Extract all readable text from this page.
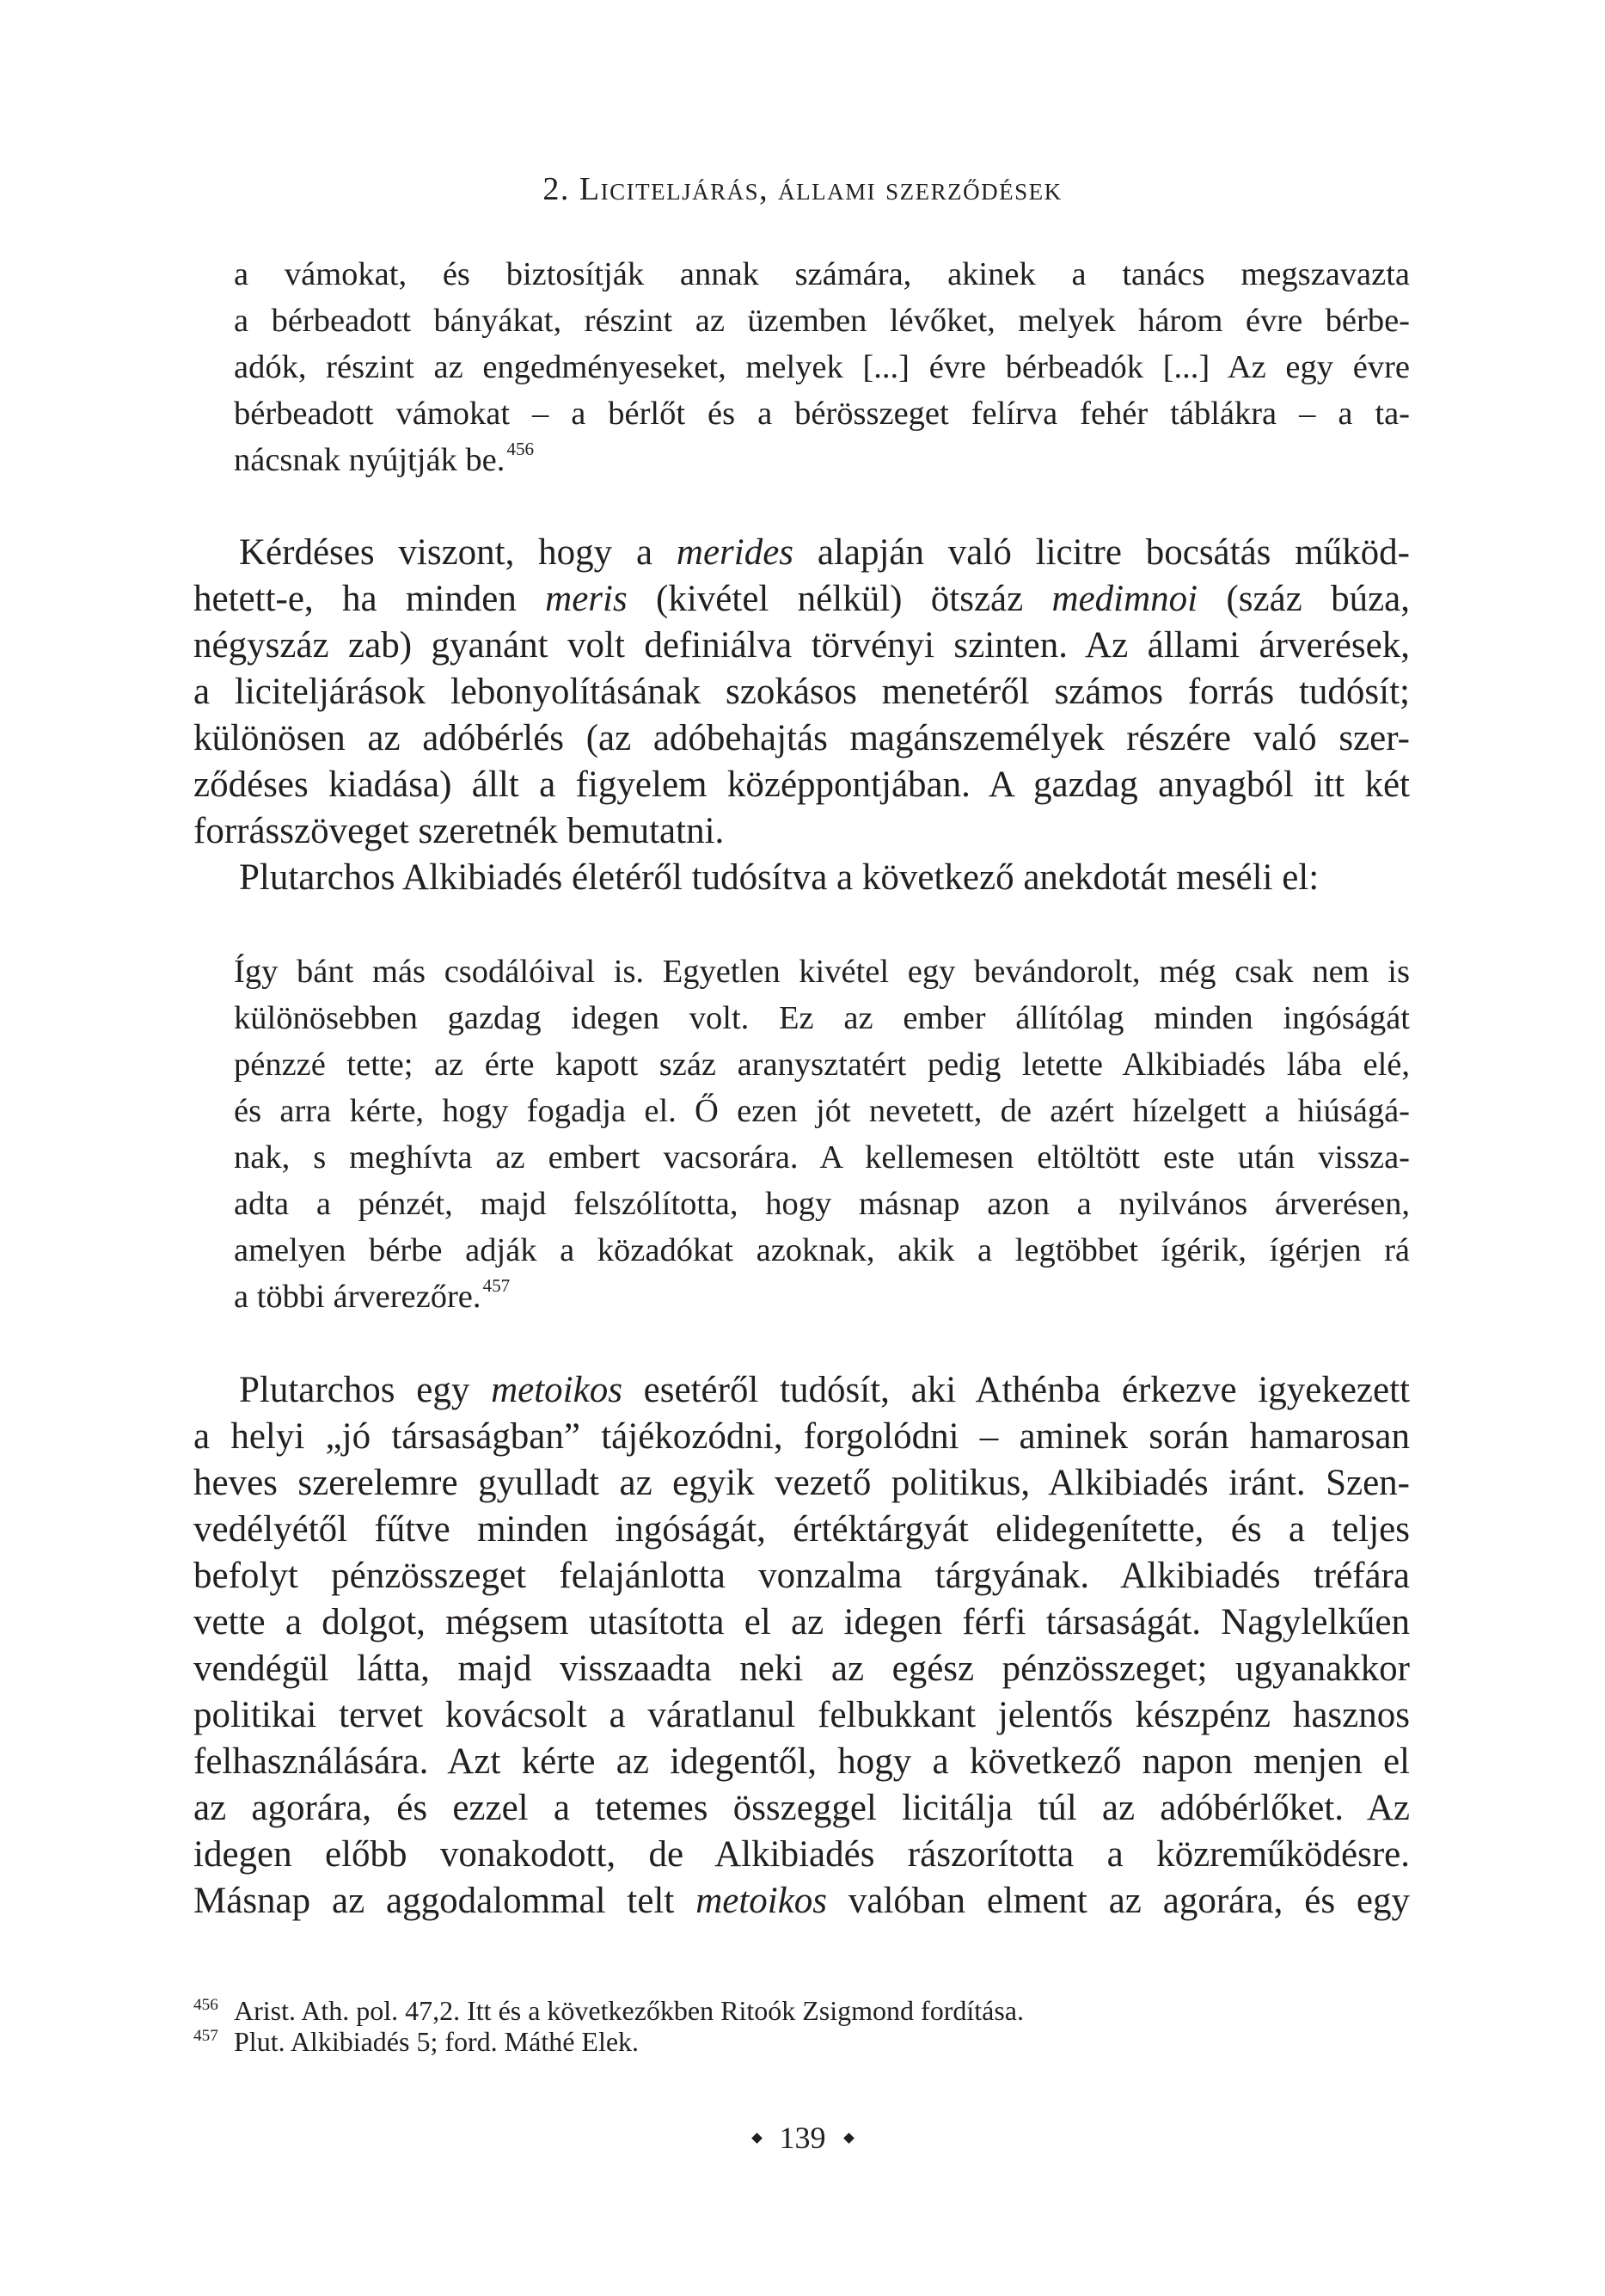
2. Liciteljárás, állami szerződések
a vámokat, és biztosítják annak számára, akinek a tanács megszavazta
a bérbeadott bányákat, részint az üzemben lévőket, melyek három évre bérbe-
adók, részint az engedményeseket, melyek [...] évre bérbeadók [...] Az egy évre
bérbeadott vámokat – a bérlőt és a bérösszeget felírva fehér táblákra – a ta-
nácsnak nyújtják be.$^{456}$
Kérdéses viszont, hogy a merides alapján való licitre bocsátás működ-
hetett-e, ha minden meris (kivétel nélkül) ötszáz medimnoi (száz búza,
négyszáz zab) gyanánt volt definiálva törvényi szinten. Az állami árverések,
a liciteljárások lebonyolításának szokásos menetéről számos forrás tudósít;
különösen az adóbérlés (az adóbehajtás magánszemélyek részére való szer-
ződéses kiadása) állt a figyelem középpontjában. A gazdag anyagból itt két
forrásszöveget szeretnék bemutatni.
Plutarchos Alkibiadés életéről tudósítva a következő anekdotát meséli el:
Így bánt más csodálóival is. Egyetlen kivétel egy bevándorolt, még csak nem is
különösebben gazdag idegen volt. Ez az ember állítólag minden ingóságát
pénzzé tette; az érte kapott száz aranysztatért pedig letette Alkibiadés lába elé,
és arra kérte, hogy fogadja el. Ő ezen jót nevetett, de azért hízelgett a hiúságá-
nak, s meghívta az embert vacsorára. A kellemesen eltöltött este után vissza-
adta a pénzét, majd felszólította, hogy másnap azon a nyilvános árverésen,
amelyen bérbe adják a közadókat azoknak, akik a legtöbbet ígérik, ígérjen rá
a többi árverezőre.$^{457}$
Plutarchos egy metoikos esetéről tudósít, aki Athénba érkezve igyekezett
a helyi „jó társaságban” tájékozódni, forgolódni – aminek során hamarosan
heves szerelemre gyulladt az egyik vezető politikus, Alkibiadés iránt. Szen-
vedélyétől fűtve minden ingóságát, értéktárgyát elidegenítette, és a teljes
befolyt pénzösszeget felajánlotta vonzalma tárgyának. Alkibiadés tréfára
vette a dolgot, mégsem utasította el az idegen férfi társaságát. Nagylelkűen
vendégül látta, majd visszaadta neki az egész pénzösszeget; ugyanakkor
politikai tervet kovácsolt a váratlanul felbukkant jelentős készpénz hasznos
felhasználására. Azt kérte az idegentől, hogy a következő napon menjen el
az agorára, és ezzel a tetemes összeggel licitálja túl az adóbérlőket. Az
idegen előbb vonakodott, de Alkibiadés rászorította a közreműködésre.
Másnap az aggodalommal telt metoikos valóban elment az agorára, és egy
456 Arist. Ath. pol. 47,2. Itt és a következőkben Ritoók Zsigmond fordítása.
457 Plut. Alkibiadés 5; ford. Máthé Elek.
139
